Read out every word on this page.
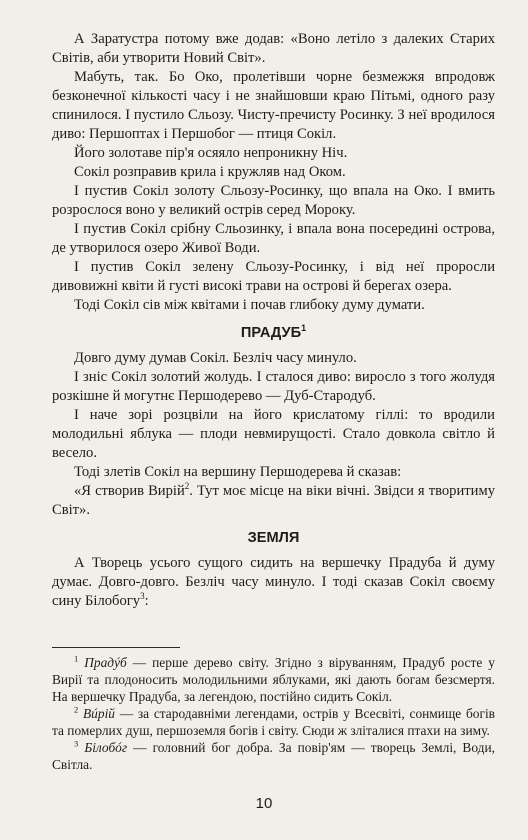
А Заратустра потому вже додав: «Воно летіло з далеких Старих Світів, аби утворити Новий Світ».

Мабуть, так. Бо Око, пролетівши чорне безмежжя впродовж безконечної кількості часу і не знайшовши краю Пітьмі, одного разу спинилося. І пустило Сльозу. Чисту-пречисту Росинку. З неї вродилося диво: Першоптах і Першобог — птиця Сокіл.

Його золотаве пір'я осяяло непроникну Ніч.

Сокіл розправив крила і кружляв над Оком.

І пустив Сокіл золоту Сльозу-Росинку, що впала на Око. І вмить розрослося воно у великий острів серед Мороку.

І пустив Сокіл срібну Сльозинку, і впала вона посередині острова, де утворилося озеро Живої Води.

І пустив Сокіл зелену Сльозу-Росинку, і від неї проросли дивовижні квіти й густі високі трави на острові й берегах озера.

Тоді Сокіл сів між квітами і почав глибоку думу думати.

ПРАДУБ$^1$

Довго думу думав Сокіл. Безліч часу минуло.

І зніс Сокіл золотий жолудь. І сталося диво: виросло з того жолудя розкішне й могутнє Першодерево — Дуб-Стародуб.

І наче зорі розцвіли на його крислатому гіллі: то вродили молодильні яблука — плоди невмирущості. Стало довкола світло й весело.

Тоді злетів Сокіл на вершину Першодерева й сказав:

«Я створив Вирій$^2$. Тут моє місце на віки вічні. Звідси я творитиму Світ».

ЗЕМЛЯ

А Творець усього сущого сидить на вершечку Прадуба й думу думає. Довго-довго. Безліч часу минуло. І тоді сказав Сокіл своєму сину Білобогу$^3$:

$^1$ Прадýб — перше дерево світу. Згідно з віруванням, Прадуб росте у Вирії та плодоносить молодильними яблуками, які дають богам безсмертя. На вершечку Прадуба, за легендою, постійно сидить Сокіл.

$^2$ Вúрій — за стародавніми легендами, острів у Всесвіті, сонмище богів та померлих душ, першоземля богів і світу. Сюди ж зліталися птахи на зиму.

$^3$ Білобóг — головний бог добра. За повір'ям — творець Землі, Води, Світла.

10
